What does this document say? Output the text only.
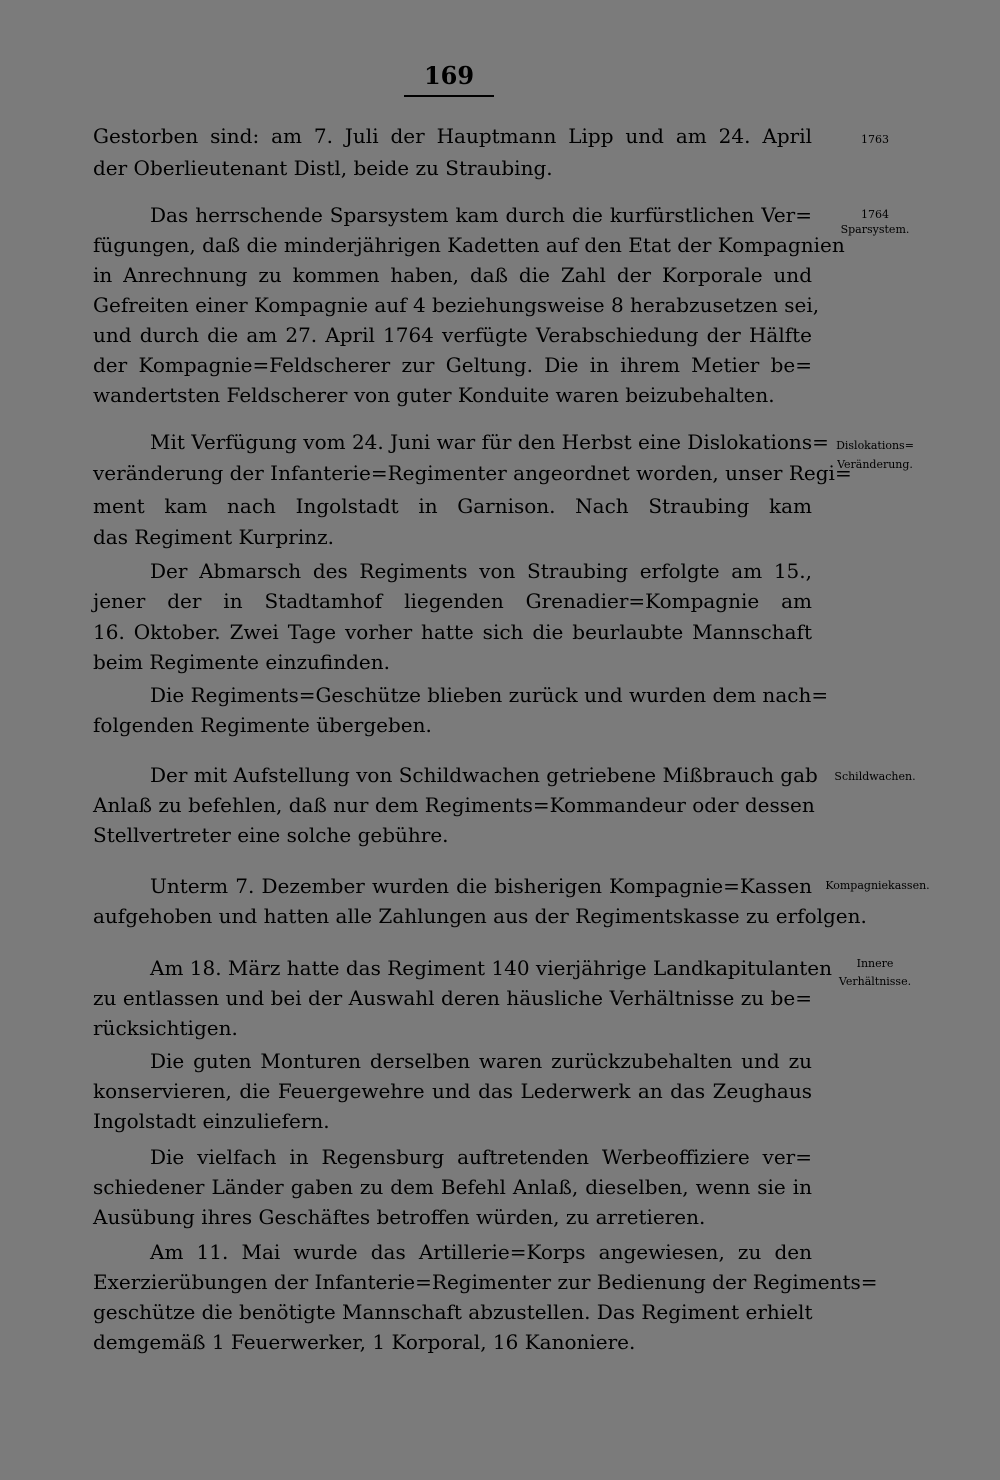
169
Gestorben sind: am 7. Juli der Hauptmann Lipp und am 24. April
der Oberlieutenant Distl, beide zu Straubing.
Das herrschende Sparsystem kam durch die kurfürstlichen Ver=
fügungen, daß die minderjährigen Kadetten auf den Etat der Kompagnien
in Anrechnung zu kommen haben, daß die Zahl der Korporale und
Gefreiten einer Kompagnie auf 4 beziehungsweise 8 herabzusetzen sei,
und durch die am 27. April 1764 verfügte Verabschiedung der Hälfte
der Kompagnie=Feldscherer zur Geltung. Die in ihrem Metier be=
wandertsten Feldscherer von guter Konduite waren beizubehalten.
Mit Verfügung vom 24. Juni war für den Herbst eine Dislokations=
veränderung der Infanterie=Regimenter angeordnet worden, unser Regi=
ment kam nach Ingolstadt in Garnison. Nach Straubing kam
das Regiment Kurprinz.
Der Abmarsch des Regiments von Straubing erfolgte am 15.,
jener der in Stadtamhof liegenden Grenadier=Kompagnie am
16. Oktober. Zwei Tage vorher hatte sich die beurlaubte Mannschaft
beim Regimente einzufinden.
Die Regiments=Geschütze blieben zurück und wurden dem nach=
folgenden Regimente übergeben.
Der mit Aufstellung von Schildwachen getriebene Mißbrauch gab
Anlaß zu befehlen, daß nur dem Regiments=Kommandeur oder dessen
Stellvertreter eine solche gebühre.
Unterm 7. Dezember wurden die bisherigen Kompagnie=Kassen
aufgehoben und hatten alle Zahlungen aus der Regimentskasse zu erfolgen.
Am 18. März hatte das Regiment 140 vierjährige Landkapitulanten
zu entlassen und bei der Auswahl deren häusliche Verhältnisse zu be=
rücksichtigen.
Die guten Monturen derselben waren zurückzubehalten und zu
konservieren, die Feuergewehre und das Lederwerk an das Zeughaus
Ingolstadt einzuliefern.
Die vielfach in Regensburg auftretenden Werbeoffiziere ver=
schiedener Länder gaben zu dem Befehl Anlaß, dieselben, wenn sie in
Ausübung ihres Geschäftes betroffen würden, zu arretieren.
Am 11. Mai wurde das Artillerie=Korps angewiesen, zu den
Exerzierübungen der Infanterie=Regimenter zur Bedienung der Regiments=
geschütze die benötigte Mannschaft abzustellen. Das Regiment erhielt
demgemäß 1 Feuerwerker, 1 Korporal, 16 Kanoniere.
1763
1764
Sparsystem.
Dislokations=
Veränderung.
Schildwachen.
Kompagniekassen.
Innere
Verhältnisse.
